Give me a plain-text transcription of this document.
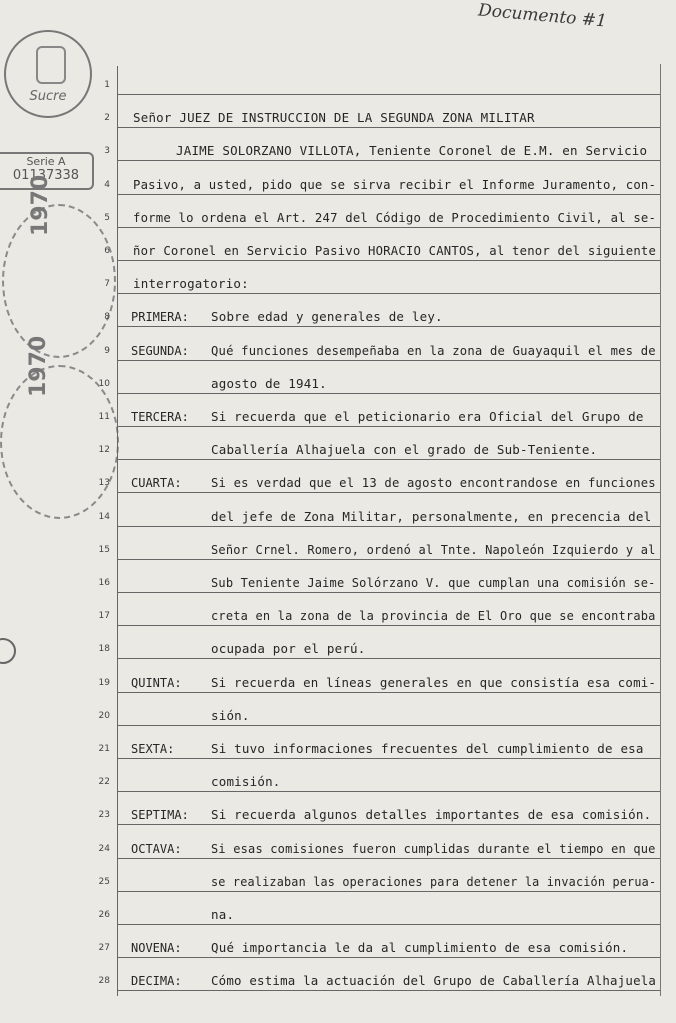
Documento #1
Sucre
Serie A
01137338
1970
1970
1
2 Señor JUEZ DE INSTRUCCION DE LA SEGUNDA ZONA MILITAR
3	JAIME SOLORZANO VILLOTA, Teniente Coronel de E.M. en Servicio
4 Pasivo, a usted, pido que se sirva recibir el Informe Juramento, con-
5 forme lo ordena el Art. 247 del Código de Procedimiento Civil, al se-
6 ñor Coronel en Servicio Pasivo HORACIO CANTOS, al tenor del siguiente
7 interrogatorio:
8 PRIMERA: Sobre edad y generales de ley.
9 SEGUNDA: Qué funciones desempeñaba en la zona de Guayaquil el mes de
10	agosto de 1941.
11 TERCERA: Si recuerda que el peticionario era Oficial del Grupo de
12	Caballería Alhajuela con el grado de Sub-Teniente.
13 CUARTA: Si es verdad que el 13 de agosto encontrandose en funciones
14	del jefe de Zona Militar, personalmente, en precencia del
15	Señor Crnel. Romero, ordenó al Tnte. Napoleón Izquierdo y al
16	Sub Teniente Jaime Solórzano V. que cumplan una comisión se-
17	creta en la zona de la provincia de El Oro que se encontraba
18	ocupada por el perú.
19 QUINTA: Si recuerda en líneas generales en que consistía esa comi-
20	sión.
21 SEXTA:	Si tuvo informaciones frecuentes del cumplimiento de esa
22	comisión.
23 SEPTIMA: Si recuerda algunos detalles importantes de esa comisión.
24 OCTAVA: Si esas comisiones fueron cumplidas durante el tiempo en que
25	se realizaban las operaciones para detener la invación perua-
26	na.
27 NOVENA: Qué importancia le da al cumplimiento de esa comisión.
28 DECIMA: Cómo estima la actuación del Grupo de Caballería Alhajuela
